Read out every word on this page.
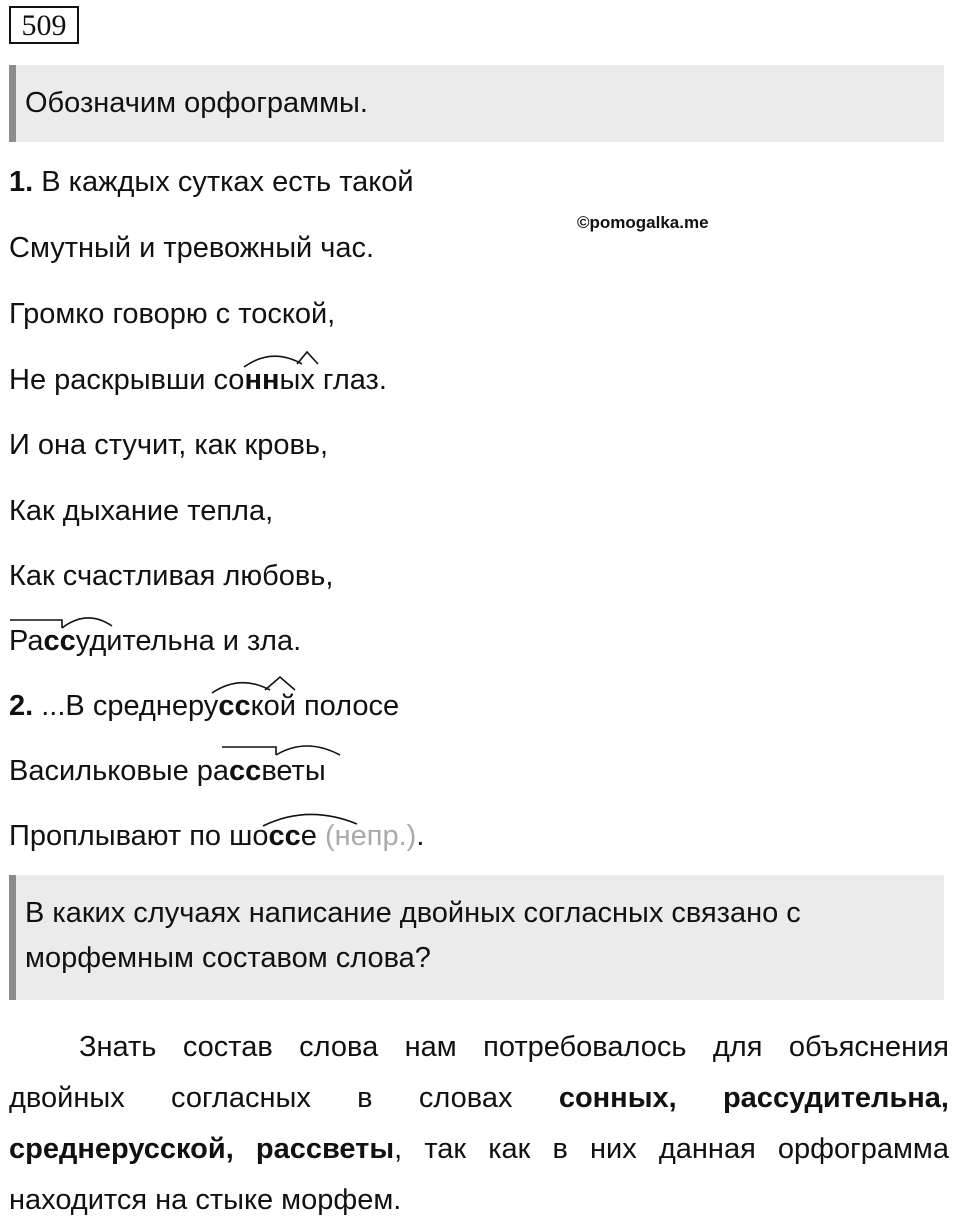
509
Обозначим орфограммы.
©pomogalka.me
1. В каждых сутках есть такой
Смутный и тревожный час.
Громко говорю с тоской,
Не раскрывши сонных глаз.
И она стучит, как кровь,
Как дыхание тепла,
Как счастливая любовь,
Рассудительна и зла.
2. ...В среднерусской полосе
Васильковые рассветы
Проплывают по шоссе (непр.).
В каких случаях написание двойных согласных связано с морфемным составом слова?
Знать состав слова нам потребовалось для объяснения двойных согласных в словах сонных, рассудительна, среднерусской, рассветы, так как в них данная орфограмма находится на стыке морфем.
